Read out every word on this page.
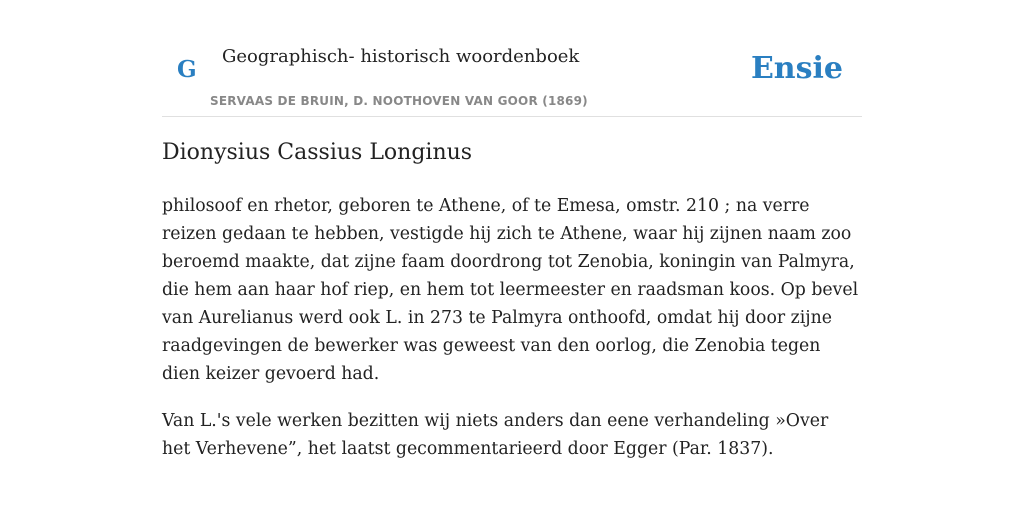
G Geographisch- historisch woordenboek
SERVAAS DE BRUIN, D. NOOTHOVEN VAN GOOR (1869)
Ensie
Dionysius Cassius Longinus

philosoof en rhetor, geboren te Athene, of te Emesa, omstr. 210 ; na verre reizen gedaan te hebben, vestigde hij zich te Athene, waar hij zijnen naam zoo beroemd maakte, dat zijne faam doordrong tot Zenobia, koningin van Palmyra, die hem aan haar hof riep, en hem tot leermeester en raadsman koos. Op bevel van Aurelianus werd ook L. in 273 te Palmyra onthoofd, omdat hij door zijne raadgevingen de bewerker was geweest van den oorlog, die Zenobia tegen dien keizer gevoerd had.

Van L.'s vele werken bezitten wij niets anders dan eene verhandeling »Over het Verhevene”, het laatst gecommentarieerd door Egger (Par. 1837).
